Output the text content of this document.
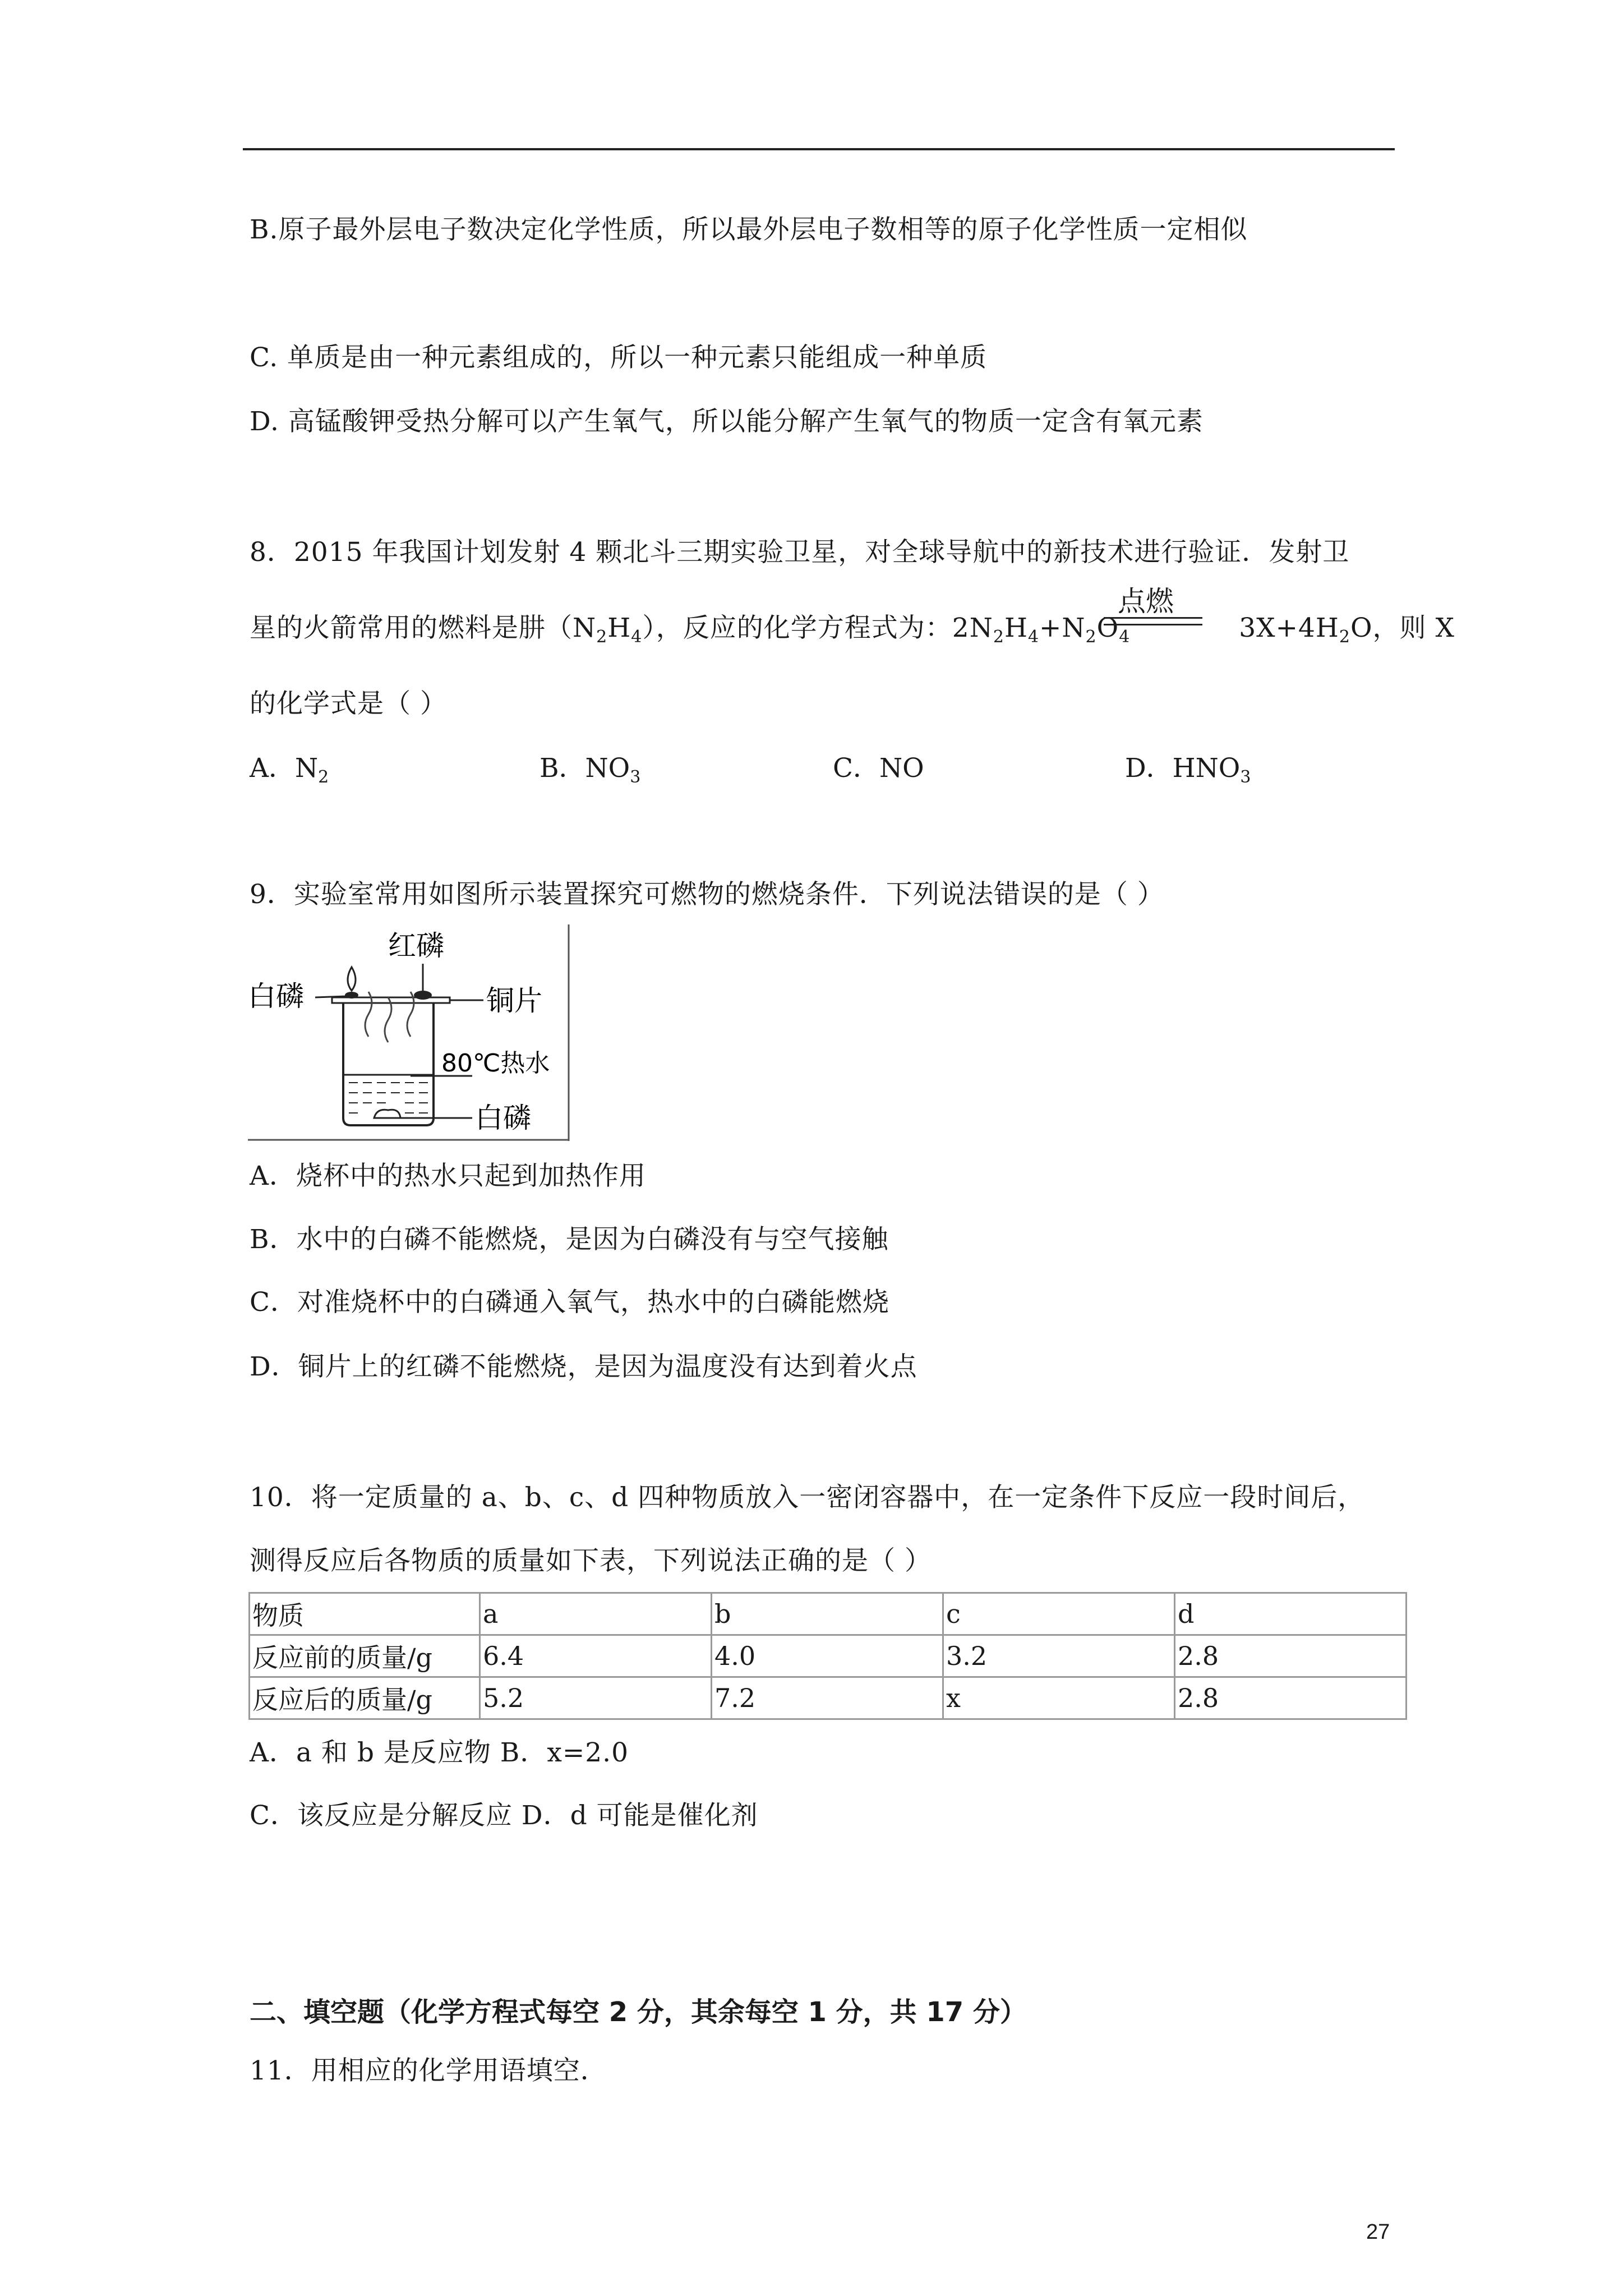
B.原子最外层电子数决定化学性质，所以最外层电子数相等的原子化学性质一定相似
C. 单质是由一种元素组成的，所以一种元素只能组成一种单质
D. 高锰酸钾受热分解可以产生氧气，所以能分解产生氧气的物质一定含有氧元素
8．2015 年我国计划发射 4 颗北斗三期实验卫星，对全球导航中的新技术进行验证．发射卫
星的火箭常用的燃料是肼$(N_2H_4)$，反应的化学方程式为：$2N_2H_4+N_2O_4$	$3X+4H_2O$，则 X
点燃
的化学式是（ ）
A．$N_2$	B．$NO_3$	C．NO	D．$HNO_3$
9．实验室常用如图所示装置探究可燃物的燃烧条件．下列说法错误的是（ ）
红磷
白磷	铜片
80℃热水
白磷
A．烧杯中的热水只起到加热作用
B．水中的白磷不能燃烧，是因为白磷没有与空气接触
C．对准烧杯中的白磷通入氧气，热水中的白磷能燃烧
D．铜片上的红磷不能燃烧，是因为温度没有达到着火点
10．将一定质量的 a、b、c、d 四种物质放入一密闭容器中，在一定条件下反应一段时间后，
测得反应后各物质的质量如下表，下列说法正确的是（ ）
物质	a	b	c	d
反应前的质量/g	6.4	4.0	3.2	2.8
反应后的质量/g	5.2	7.2	x	2.8
A．a 和 b 是反应物 B．x=2.0
C．该反应是分解反应 D．d 可能是催化剂
二、填空题（化学方程式每空 2 分，其余每空 1 分，共 17 分）
11．用相应的化学用语填空．
27
